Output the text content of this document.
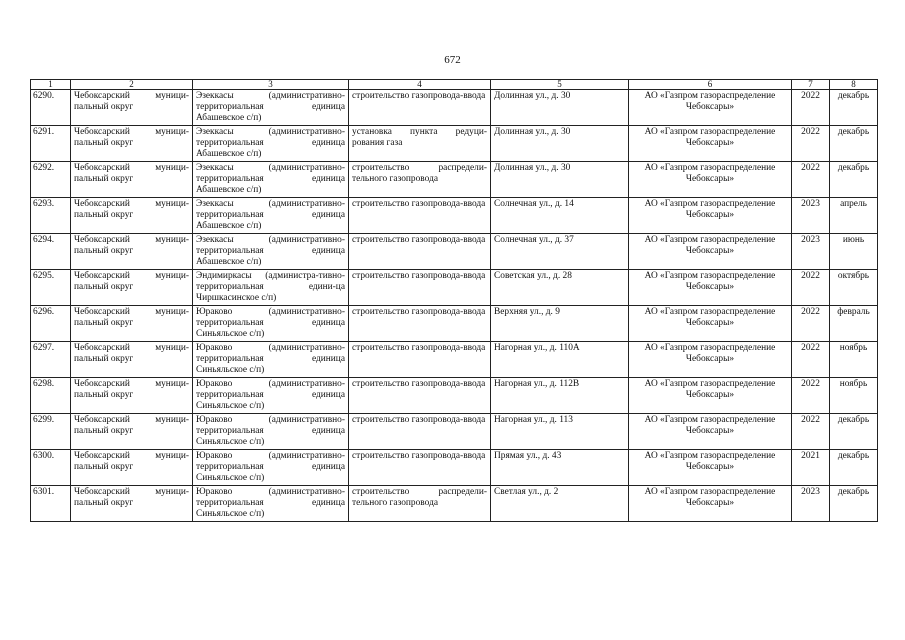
672
1	2	3	4	5	6	7	8
6290.	Чебоксарский муници-пальный округ	Эзеккасы (административно-территориальная единица Абашевское с/п)	строительство газопровода-ввода	Долинная ул., д. 30	АО «Газпром газораспределение Чебоксары»	2022	декабрь
6291.	Чебоксарский муници-пальный округ	Эзеккасы (административно-территориальная единица Абашевское с/п)	установка пункта редуци-рования газа	Долинная ул., д. 30	АО «Газпром газораспределение Чебоксары»	2022	декабрь
6292.	Чебоксарский муници-пальный округ	Эзеккасы (административно-территориальная единица Абашевское с/п)	строительство распредели-тельного газопровода	Долинная ул., д. 30	АО «Газпром газораспределение Чебоксары»	2022	декабрь
6293.	Чебоксарский муници-пальный округ	Эзеккасы (административно-территориальная единица Абашевское с/п)	строительство газопровода-ввода	Солнечная ул., д. 14	АО «Газпром газораспределение Чебоксары»	2023	апрель
6294.	Чебоксарский муници-пальный округ	Эзеккасы (административно-территориальная единица Абашевское с/п)	строительство газопровода-ввода	Солнечная ул., д. 37	АО «Газпром газораспределение Чебоксары»	2023	июнь
6295.	Чебоксарский муници-пальный округ	Эндимиркасы (администра-тивно-территориальная едини-ца Чиршкасинское с/п)	строительство газопровода-ввода	Советская ул., д. 28	АО «Газпром газораспределение Чебоксары»	2022	октябрь
6296.	Чебоксарский муници-пальный округ	Юраково (административно-территориальная единица Синьяльское с/п)	строительство газопровода-ввода	Верхняя ул., д. 9	АО «Газпром газораспределение Чебоксары»	2022	февраль
6297.	Чебоксарский муници-пальный округ	Юраково (административно-территориальная единица Синьяльское с/п)	строительство газопровода-ввода	Нагорная ул., д. 110А	АО «Газпром газораспределение Чебоксары»	2022	ноябрь
6298.	Чебоксарский муници-пальный округ	Юраково (административно-территориальная единица Синьяльское с/п)	строительство газопровода-ввода	Нагорная ул., д. 112В	АО «Газпром газораспределение Чебоксары»	2022	ноябрь
6299.	Чебоксарский муници-пальный округ	Юраково (административно-территориальная единица Синьяльское с/п)	строительство газопровода-ввода	Нагорная ул., д. 113	АО «Газпром газораспределение Чебоксары»	2022	декабрь
6300.	Чебоксарский муници-пальный округ	Юраково (административно-территориальная единица Синьяльское с/п)	строительство газопровода-ввода	Прямая ул., д. 43	АО «Газпром газораспределение Чебоксары»	2021	декабрь
6301.	Чебоксарский муници-пальный округ	Юраково (административно-территориальная единица Синьяльское с/п)	строительство распредели-тельного газопровода	Светлая ул., д. 2	АО «Газпром газораспределение Чебоксары»	2023	декабрь
